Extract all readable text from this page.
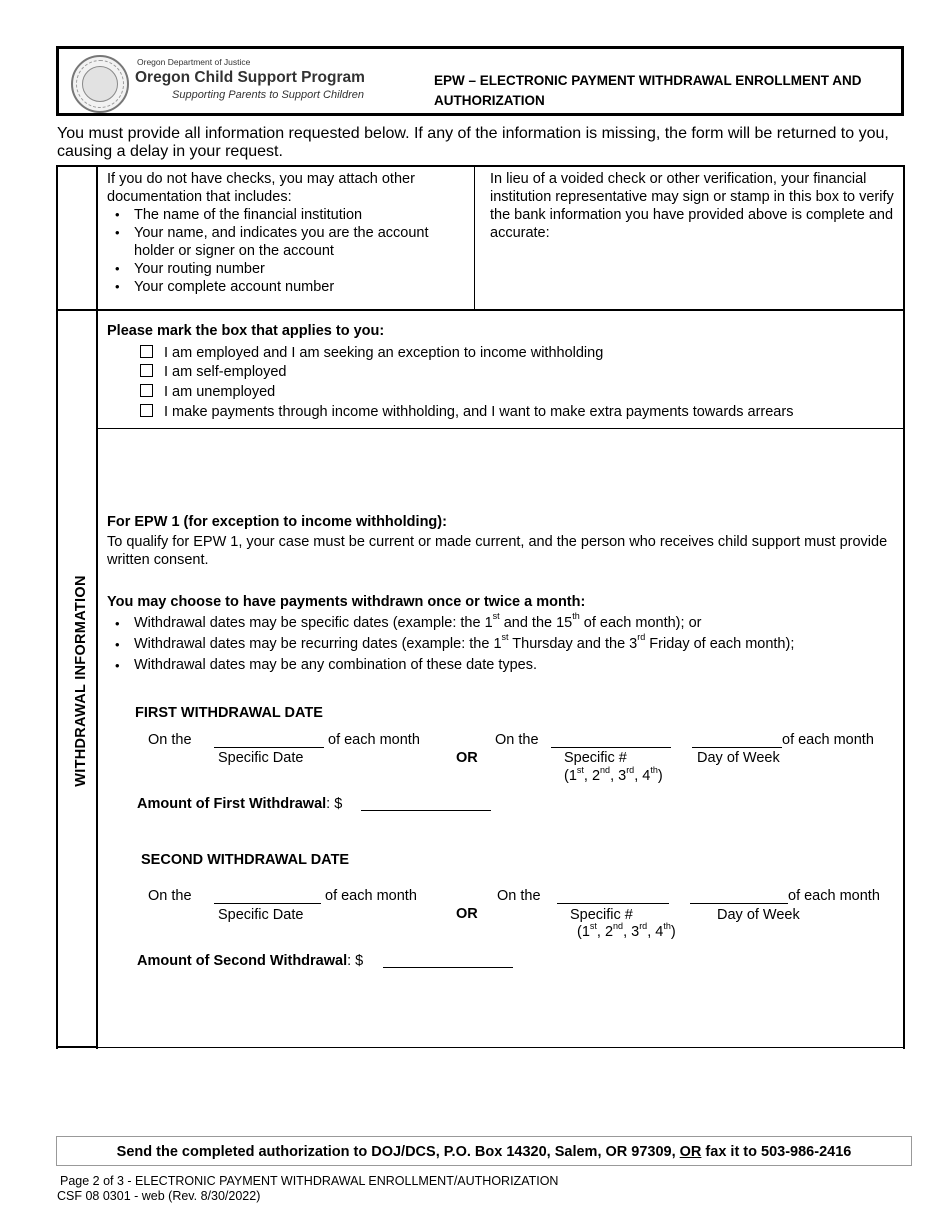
Oregon Department of Justice
Oregon Child Support Program
Supporting Parents to Support Children
EPW – ELECTRONIC PAYMENT WITHDRAWAL ENROLLMENT AND AUTHORIZATION
You must provide all information requested below. If any of the information is missing, the form will be returned to you, causing a delay in your request.
If you do not have checks, you may attach other documentation that includes:
• The name of the financial institution
• Your name, and indicates you are the account holder or signer on the account
• Your routing number
• Your complete account number
In lieu of a voided check or other verification, your financial institution representative may sign or stamp in this box to verify the bank information you have provided above is complete and accurate:
WITHDRAWAL INFORMATION
Please mark the box that applies to you:
I am employed and I am seeking an exception to income withholding
I am self-employed
I am unemployed
I make payments through income withholding, and I want to make extra payments towards arrears
For EPW 1 (for exception to income withholding):
To qualify for EPW 1, your case must be current or made current, and the person who receives child support must provide written consent.
You may choose to have payments withdrawn once or twice a month:
• Withdrawal dates may be specific dates (example: the 1st and the 15th of each month); or
• Withdrawal dates may be recurring dates (example: the 1st Thursday and the 3rd Friday of each month);
• Withdrawal dates may be any combination of these date types.
FIRST WITHDRAWAL DATE
On the	of each month
Specific Date	OR
On the	of each month
Specific #	Day of Week
(1st, 2nd, 3rd, 4th)
Amount of First Withdrawal: $
SECOND WITHDRAWAL DATE
On the	of each month
Specific Date	OR
On the	of each month
Specific #	Day of Week
(1st, 2nd, 3rd, 4th)
Amount of Second Withdrawal: $
Send the completed authorization to DOJ/DCS, P.O. Box 14320, Salem, OR 97309, OR fax it to 503-986-2416
Page 2 of 3 - ELECTRONIC PAYMENT WITHDRAWAL ENROLLMENT/AUTHORIZATION
CSF 08 0301 - web (Rev. 8/30/2022)
